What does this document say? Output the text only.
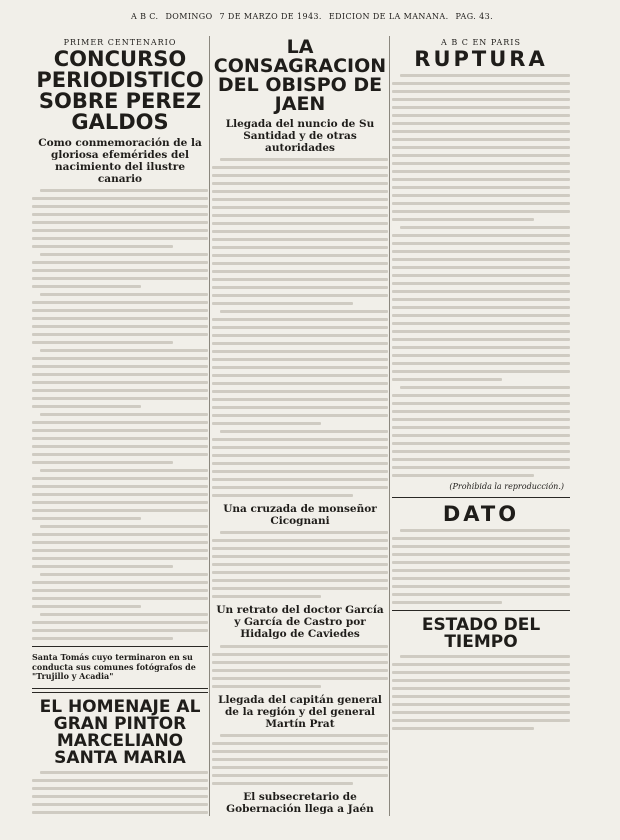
A B C. DOMINGO 7 DE MARZO DE 1943. EDICION DE LA MAÑANA. PAG. 43.
PRIMER CENTENARIO
CONCURSO PERIODISTICO SOBRE PEREZ GALDOS
Como conmemoración de la gloriosa efemérides del nacimiento del ilustre canario
Santa Tomás cuyo terminaron en su conducta sus comunes fotógrafos de "Trujillo y Acadia"
EL HOMENAJE AL GRAN PINTOR MARCELIANO SANTA MARIA
LA CONSAGRACION DEL OBISPO DE JAEN
Llegada del nuncio de Su Santidad y de otras autoridades
Una cruzada de monseñor Cicognani
Un retrato del doctor García y García de Castro por Hidalgo de Caviedes
Llegada del capitán general de la región y del general Martín Prat
El subsecretario de Gobernación llega a Jaén
A B C EN PARIS
RUPTURA
(Prohibida la reproducción.)
DATO
ESTADO DEL TIEMPO
